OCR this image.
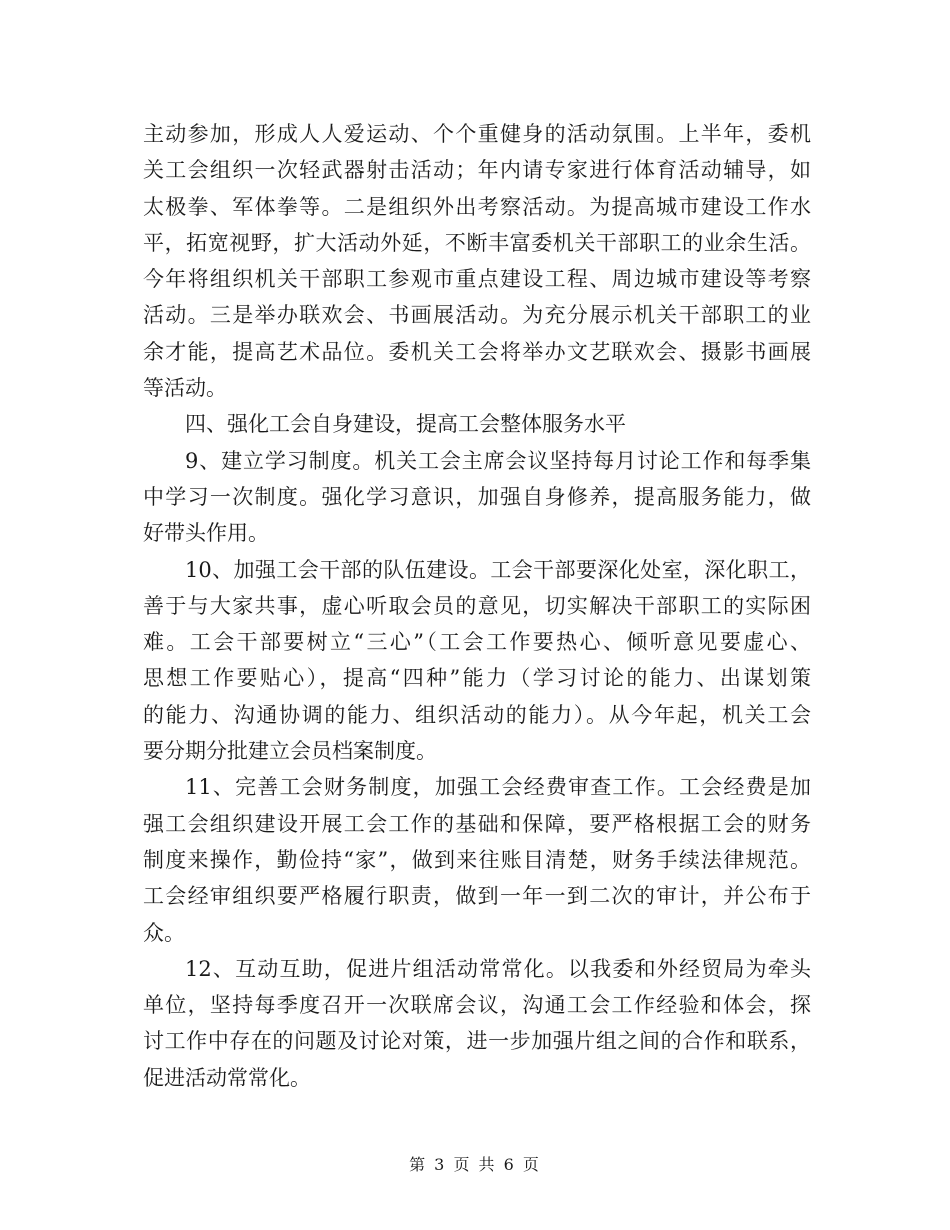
主动参加，形成人人爱运动、个个重健身的活动氛围。上半年，委机
关工会组织一次轻武器射击活动；年内请专家进行体育活动辅导，如
太极拳、军体拳等。二是组织外出考察活动。为提高城市建设工作水
平，拓宽视野，扩大活动外延，不断丰富委机关干部职工的业余生活。
今年将组织机关干部职工参观市重点建设工程、周边城市建设等考察
活动。三是举办联欢会、书画展活动。为充分展示机关干部职工的业
余才能，提高艺术品位。委机关工会将举办文艺联欢会、摄影书画展
等活动。
四、强化工会自身建设，提高工会整体服务水平
9、建立学习制度。机关工会主席会议坚持每月讨论工作和每季集
中学习一次制度。强化学习意识，加强自身修养，提高服务能力，做
好带头作用。
10、加强工会干部的队伍建设。工会干部要深化处室，深化职工，
善于与大家共事，虚心听取会员的意见，切实解决干部职工的实际困
难。工会干部要树立“三心”（工会工作要热心、倾听意见要虚心、
思想工作要贴心），提高“四种”能力（学习讨论的能力、出谋划策
的能力、沟通协调的能力、组织活动的能力）。从今年起，机关工会
要分期分批建立会员档案制度。
11、完善工会财务制度，加强工会经费审查工作。工会经费是加
强工会组织建设开展工会工作的基础和保障，要严格根据工会的财务
制度来操作，勤俭持“家”，做到来往账目清楚，财务手续法律规范。
工会经审组织要严格履行职责，做到一年一到二次的审计，并公布于
众。
12、互动互助，促进片组活动常常化。以我委和外经贸局为牵头
单位，坚持每季度召开一次联席会议，沟通工会工作经验和体会，探
讨工作中存在的问题及讨论对策，进一步加强片组之间的合作和联系，
促进活动常常化。
第 3 页 共 6 页
